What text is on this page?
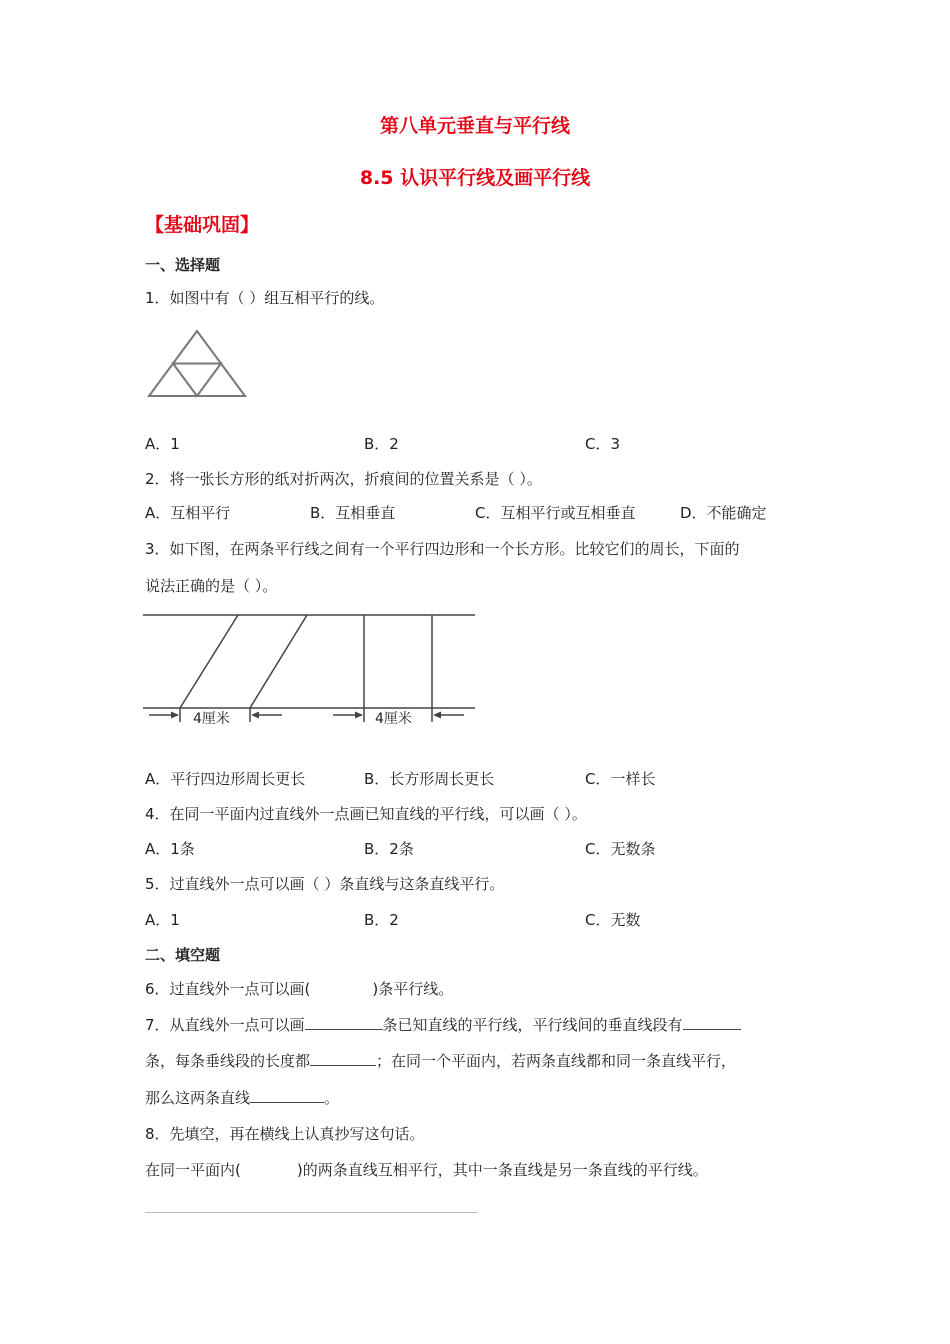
第八单元垂直与平行线
8.5 认识平行线及画平行线
【基础巩固】
一、选择题
1．如图中有（ ）组互相平行的线。
A．1	B．2	C．3
2．将一张长方形的纸对折两次，折痕间的位置关系是（ ）。
A．互相平行	B．互相垂直	C．互相平行或互相垂直	D．不能确定
3．如下图，在两条平行线之间有一个平行四边形和一个长方形。比较它们的周长，下面的
说法正确的是（ ）。
4厘米	4厘米
A．平行四边形周长更长	B．长方形周长更长	C．一样长
4．在同一平面内过直线外一点画已知直线的平行线，可以画（ ）。
A．1条	B．2条	C．无数条
5．过直线外一点可以画（ ）条直线与这条直线平行。
A．1	B．2	C．无数
二、填空题
6．过直线外一点可以画(	)条平行线。
7．从直线外一点可以画	条已知直线的平行线，平行线间的垂直线段有
条，每条垂线段的长度都	；在同一个平面内，若两条直线都和同一条直线平行，
那么这两条直线	。
8．先填空，再在横线上认真抄写这句话。
在同一平面内(	)的两条直线互相平行，其中一条直线是另一条直线的平行线。
